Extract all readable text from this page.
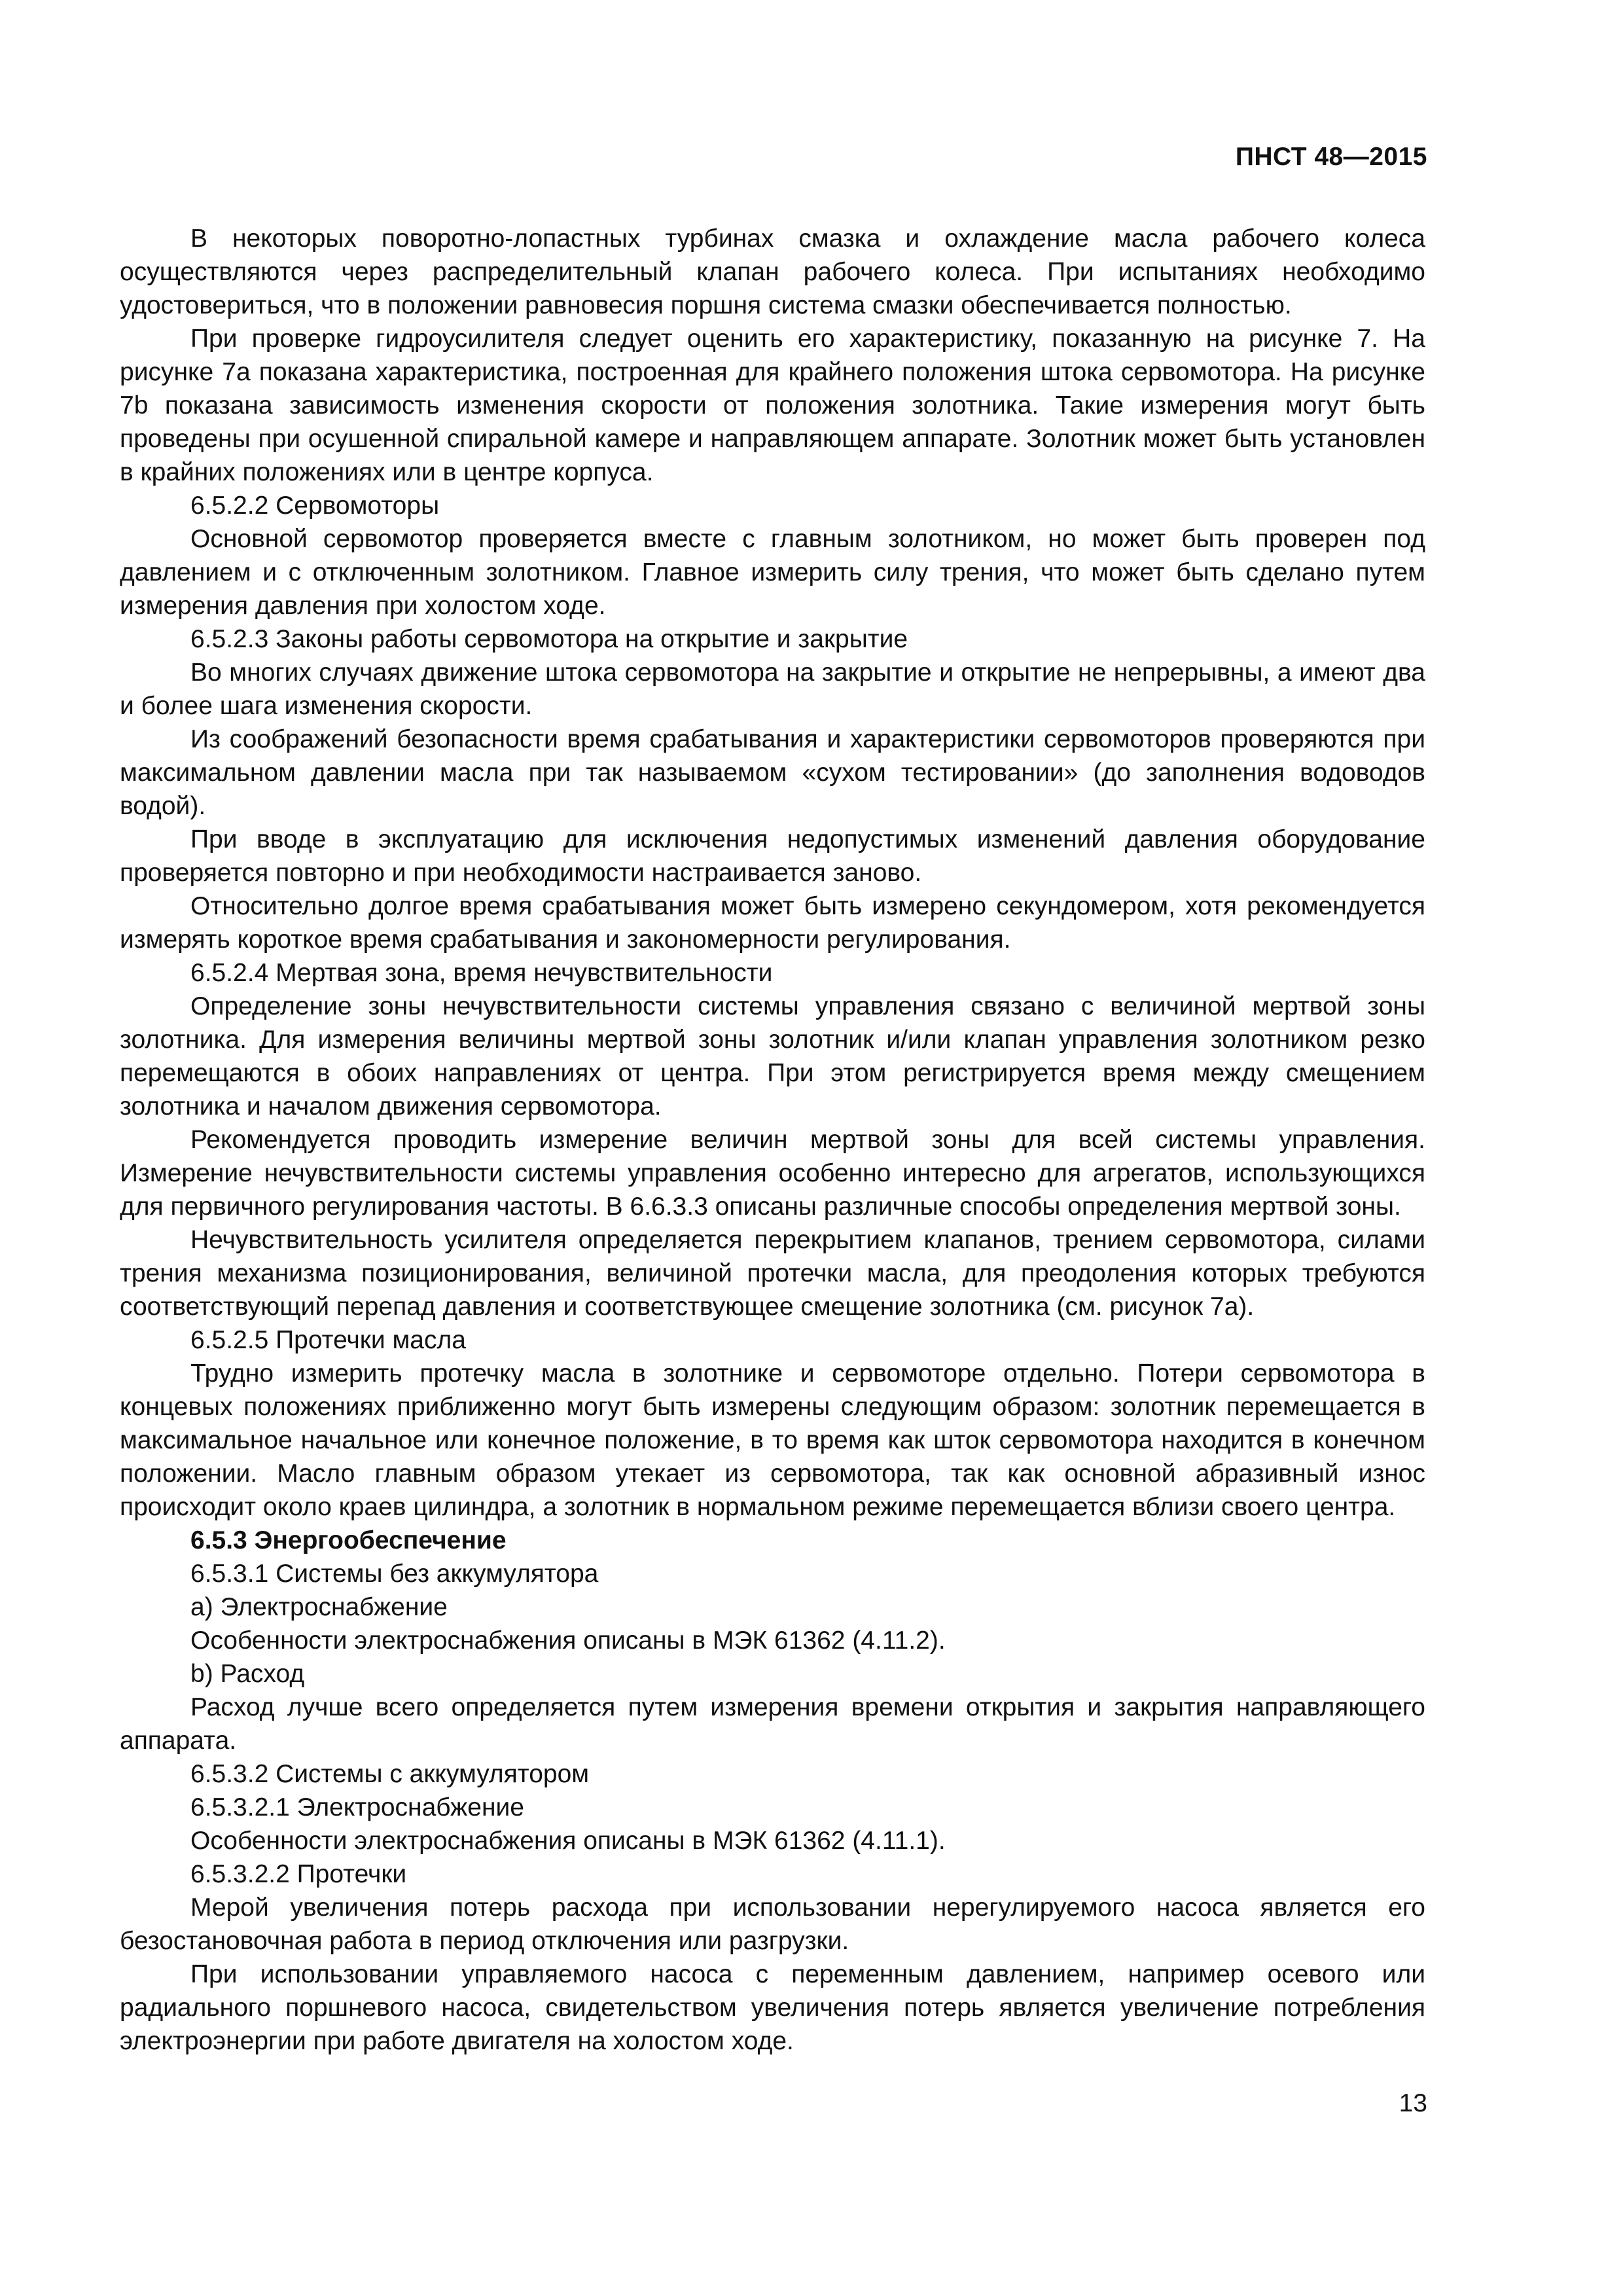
ПНСТ 48—2015

В некоторых поворотно-лопастных турбинах смазка и охлаждение масла рабочего колеса осуществляются через распределительный клапан рабочего колеса. При испытаниях необходимо удостовериться, что в положении равновесия поршня система смазки обеспечивается полностью.

При проверке гидроусилителя следует оценить его характеристику, показанную на рисунке 7. На рисунке 7а показана характеристика, построенная для крайнего положения штока сервомотора. На рисунке 7b показана зависимость изменения скорости от положения золотника. Такие измерения могут быть проведены при осушенной спиральной камере и направляющем аппарате. Золотник может быть установлен в крайних положениях или в центре корпуса.

6.5.2.2 Сервомоторы

Основной сервомотор проверяется вместе с главным золотником, но может быть проверен под давлением и с отключенным золотником. Главное измерить силу трения, что может быть сделано путем измерения давления при холостом ходе.

6.5.2.3 Законы работы сервомотора на открытие и закрытие

Во многих случаях движение штока сервомотора на закрытие и открытие не непрерывны, а имеют два и более шага изменения скорости.

Из соображений безопасности время срабатывания и характеристики сервомоторов проверяются при максимальном давлении масла при так называемом «сухом тестировании» (до заполнения водоводов водой).

При вводе в эксплуатацию для исключения недопустимых изменений давления оборудование проверяется повторно и при необходимости настраивается заново.

Относительно долгое время срабатывания может быть измерено секундомером, хотя рекомендуется измерять короткое время срабатывания и закономерности регулирования.

6.5.2.4 Мертвая зона, время нечувствительности

Определение зоны нечувствительности системы управления связано с величиной мертвой зоны золотника. Для измерения величины мертвой зоны золотник и/или клапан управления золотником резко перемещаются в обоих направлениях от центра. При этом регистрируется время между смещением золотника и началом движения сервомотора.

Рекомендуется проводить измерение величин мертвой зоны для всей системы управления. Измерение нечувствительности системы управления особенно интересно для агрегатов, использующихся для первичного регулирования частоты. В 6.6.3.3 описаны различные способы определения мертвой зоны.

Нечувствительность усилителя определяется перекрытием клапанов, трением сервомотора, силами трения механизма позиционирования, величиной протечки масла, для преодоления которых требуются соответствующий перепад давления и соответствующее смещение золотника (см. рисунок 7а).

6.5.2.5 Протечки масла

Трудно измерить протечку масла в золотнике и сервомоторе отдельно. Потери сервомотора в концевых положениях приближенно могут быть измерены следующим образом: золотник перемещается в максимальное начальное или конечное положение, в то время как шток сервомотора находится в конечном положении. Масло главным образом утекает из сервомотора, так как основной абразивный износ происходит около краев цилиндра, а золотник в нормальном режиме перемещается вблизи своего центра.

6.5.3 Энергообеспечение

6.5.3.1 Системы без аккумулятора

а) Электроснабжение

Особенности электроснабжения описаны в МЭК 61362 (4.11.2).

b) Расход

Расход лучше всего определяется путем измерения времени открытия и закрытия направляющего аппарата.

6.5.3.2 Системы с аккумулятором

6.5.3.2.1 Электроснабжение

Особенности электроснабжения описаны в МЭК 61362 (4.11.1).

6.5.3.2.2 Протечки

Мерой увеличения потерь расхода при использовании нерегулируемого насоса является его безостановочная работа в период отключения или разгрузки.

При использовании управляемого насоса с переменным давлением, например осевого или радиального поршневого насоса, свидетельством увеличения потерь является увеличение потребления электроэнергии при работе двигателя на холостом ходе.

13
